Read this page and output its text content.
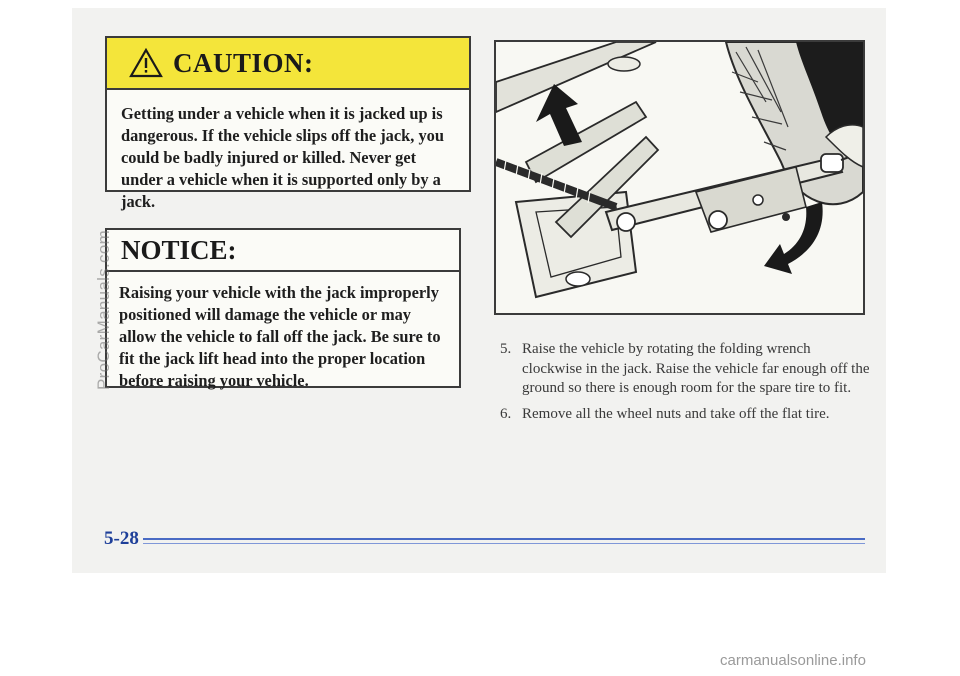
CAUTION:
Getting under a vehicle when it is jacked up is dangerous. If the vehicle slips off the jack, you could be badly injured or killed. Never get under a vehicle when it is supported only by a jack.
NOTICE:
Raising your vehicle with the jack improperly positioned will damage the vehicle or may allow the vehicle to fall off the jack. Be sure to fit the jack lift head into the proper location before raising your vehicle.
5. Raise the vehicle by rotating the folding wrench clockwise in the jack. Raise the vehicle far enough off the ground so there is enough room for the spare tire to fit.
6. Remove all the wheel nuts and take off the flat tire.
5-28
ProCarManuals.com
carmanualsonline.info
